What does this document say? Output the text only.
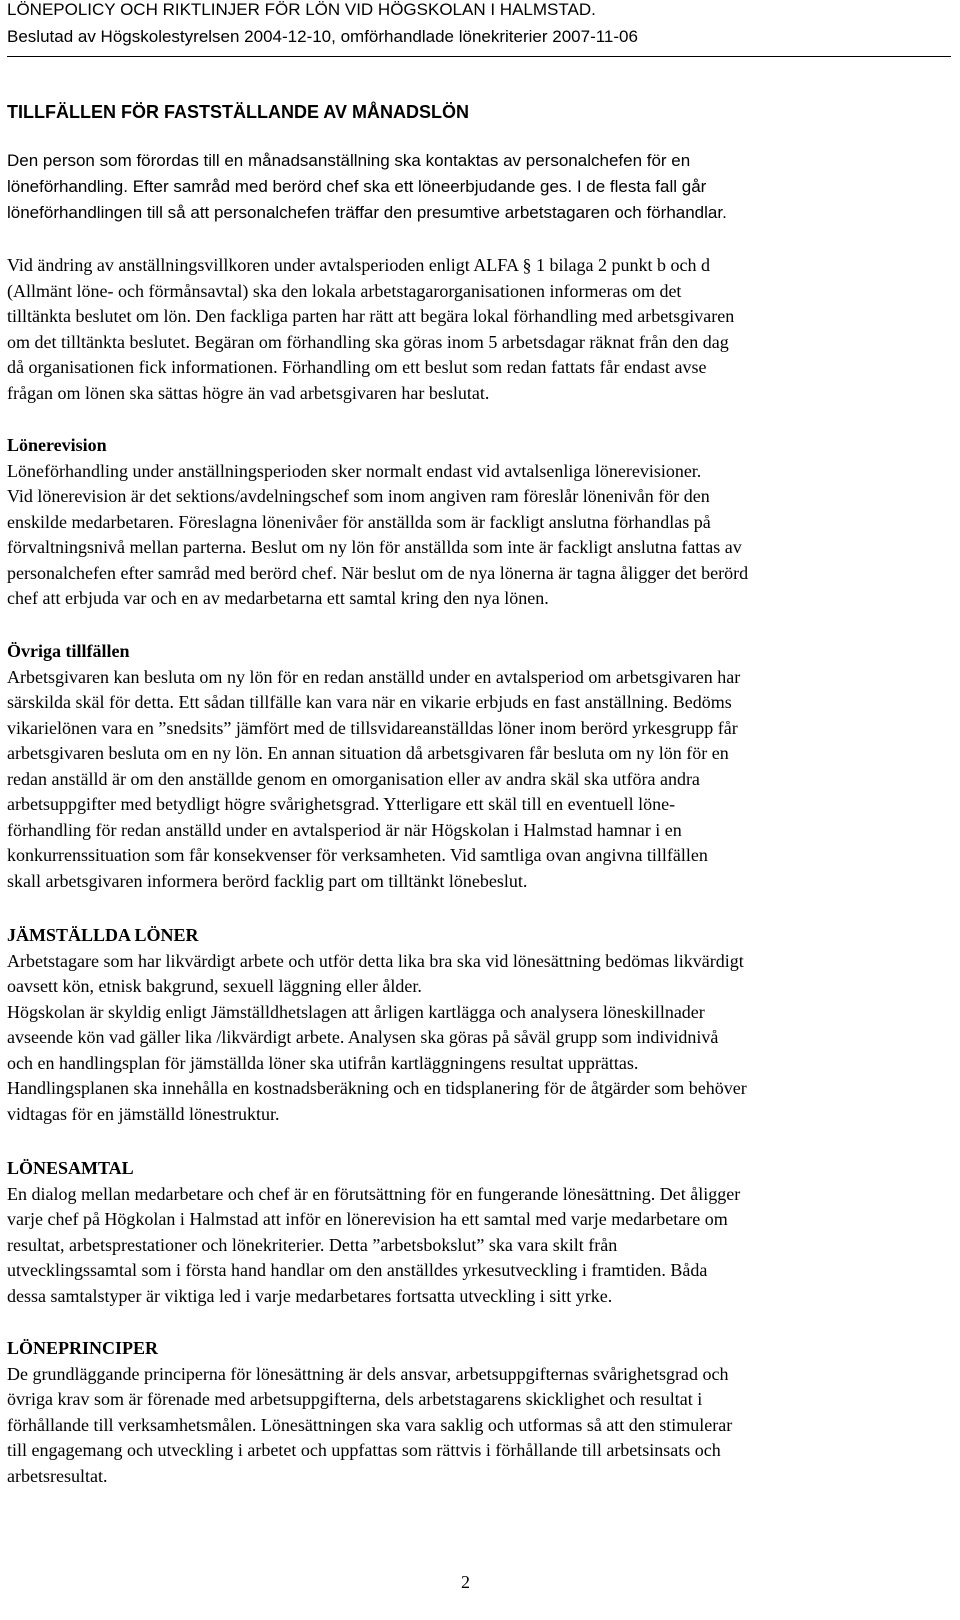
LÖNEPOLICY OCH RIKTLINJER FÖR LÖN VID HÖGSKOLAN I HALMSTAD.
Beslutad av Högskolestyrelsen 2004-12-10, omförhandlade lönekriterier 2007-11-06
TILLFÄLLEN FÖR FASTSTÄLLANDE AV MÅNADSLÖN
Den person som förordas till en månadsanställning ska kontaktas av personalchefen för en
löneförhandling. Efter samråd med berörd chef ska ett löneerbjudande ges. I de flesta fall går
löneförhandlingen till så att personalchefen träffar den presumtive arbetstagaren och förhandlar.
Vid ändring av anställningsvillkoren under avtalsperioden enligt ALFA § 1 bilaga 2 punkt b och d
(Allmänt löne- och förmånsavtal) ska den lokala arbetstagarorganisationen informeras om det
tilltänkta beslutet om lön. Den fackliga parten har rätt att begära lokal förhandling med arbetsgivaren
om det tilltänkta beslutet. Begäran om förhandling ska göras inom 5 arbetsdagar räknat från den dag
då organisationen fick informationen. Förhandling om ett beslut som redan fattats får endast avse
frågan om lönen ska sättas högre än vad arbetsgivaren har beslutat.
Lönerevision
Löneförhandling under anställningsperioden sker normalt endast vid avtalsenliga lönerevisioner.
Vid lönerevision är det sektions/avdelningschef som inom angiven ram föreslår lönenivån för den
enskilde medarbetaren. Föreslagna lönenivåer för anställda som är fackligt anslutna förhandlas på
förvaltningsnivå mellan parterna. Beslut om ny lön för anställda som inte är fackligt anslutna fattas av
personalchefen efter samråd med berörd chef. När beslut om de nya lönerna är tagna åligger det berörd
chef att erbjuda var och en av medarbetarna ett samtal kring den nya lönen.
Övriga tillfällen
Arbetsgivaren kan besluta om ny lön för en redan anställd under en avtalsperiod om arbetsgivaren har
särskilda skäl för detta. Ett sådan tillfälle kan vara när en vikarie erbjuds en fast anställning. Bedöms
vikarielönen vara en ”snedsits” jämfört med de tillsvidareanställdas löner inom berörd yrkesgrupp får
arbetsgivaren besluta om en ny lön. En annan situation då arbetsgivaren får besluta om ny lön för en
redan anställd är om den anställde genom en omorganisation eller av andra skäl ska utföra andra
arbetsuppgifter med betydligt högre svårighetsgrad. Ytterligare ett skäl till en eventuell löne-
förhandling för redan anställd under en avtalsperiod är när Högskolan i Halmstad hamnar i en
konkurrenssituation som får konsekvenser för verksamheten. Vid samtliga ovan angivna tillfällen
skall arbetsgivaren informera berörd facklig part om tilltänkt lönebeslut.
JÄMSTÄLLDA LÖNER
Arbetstagare som har likvärdigt arbete och utför detta lika bra ska vid lönesättning bedömas likvärdigt
oavsett kön, etnisk bakgrund, sexuell läggning eller ålder.
Högskolan är skyldig enligt Jämställdhetslagen att årligen kartlägga och analysera löneskillnader
avseende kön vad gäller lika /likvärdigt arbete. Analysen ska göras på såväl grupp som individnivå
och en handlingsplan för jämställda löner ska utifrån kartläggningens resultat upprättas.
Handlingsplanen ska innehålla en kostnadsberäkning och en tidsplanering för de åtgärder som behöver
vidtagas för en jämställd lönestruktur.
LÖNESAMTAL
En dialog mellan medarbetare och chef är en förutsättning för en fungerande lönesättning. Det åligger
varje chef på Högkolan i Halmstad att inför en lönerevision ha ett samtal med varje medarbetare om
resultat, arbetsprestationer och lönekriterier. Detta ”arbetsbokslut” ska vara skilt från
utvecklingssamtal som i första hand handlar om den anställdes yrkesutveckling i framtiden. Båda
dessa samtalstyper är viktiga led i varje medarbetares fortsatta utveckling i sitt yrke.
LÖNEPRINCIPER
De grundläggande principerna för lönesättning är dels ansvar, arbetsuppgifternas svårighetsgrad och
övriga krav som är förenade med arbetsuppgifterna, dels arbetstagarens skicklighet och resultat i
förhållande till verksamhetsmålen. Lönesättningen ska vara saklig och utformas så att den stimulerar
till engagemang och utveckling i arbetet och uppfattas som rättvis i förhållande till arbetsinsats och
arbetsresultat.
2
